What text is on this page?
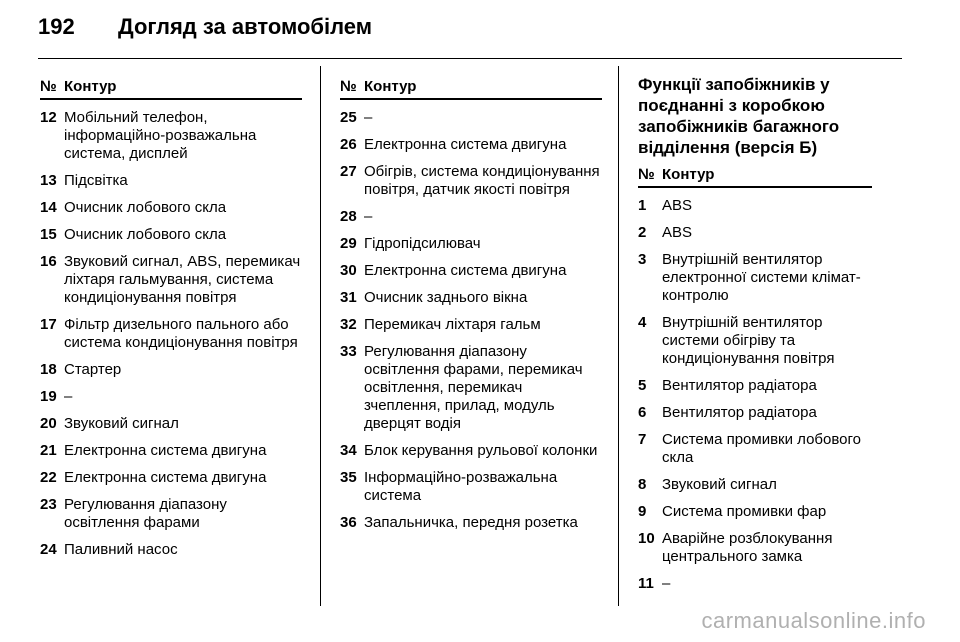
192	Догляд за автомобілем
№ Контур
12 Мобільний телефон, інформаційно-розважальна система, дисплей
13 Підсвітка
14 Очисник лобового скла
15 Очисник лобового скла
16 Звуковий сигнал, ABS, перемикач ліхтаря гальмування, система кондиціонування повітря
17 Фільтр дизельного пального або система кондиціонування повітря
18 Стартер
19 –
20 Звуковий сигнал
21 Електронна система двигуна
22 Електронна система двигуна
23 Регулювання діапазону освітлення фарами
24 Паливний насос
№ Контур
25 –
26 Електронна система двигуна
27 Обігрів, система кондиціонування повітря, датчик якості повітря
28 –
29 Гідропідсилювач
30 Електронна система двигуна
31 Очисник заднього вікна
32 Перемикач ліхтаря гальм
33 Регулювання діапазону освітлення фарами, перемикач освітлення, перемикач зчеплення, прилад, модуль дверцят водія
34 Блок керування рульової колонки
35 Інформаційно-розважальна система
36 Запальничка, передня розетка
Функції запобіжників у поєднанні з коробкою запобіжників багажного відділення (версія Б)
№ Контур
1	ABS
2	ABS
3	Внутрішній вентилятор електронної системи клімат-контролю
4	Внутрішній вентилятор системи обігріву та кондиціонування повітря
5	Вентилятор радіатора
6	Вентилятор радіатора
7	Система промивки лобового скла
8	Звуковий сигнал
9	Система промивки фар
10 Аварійне розблокування центрального замка
11 –
carmanualsonline.info
